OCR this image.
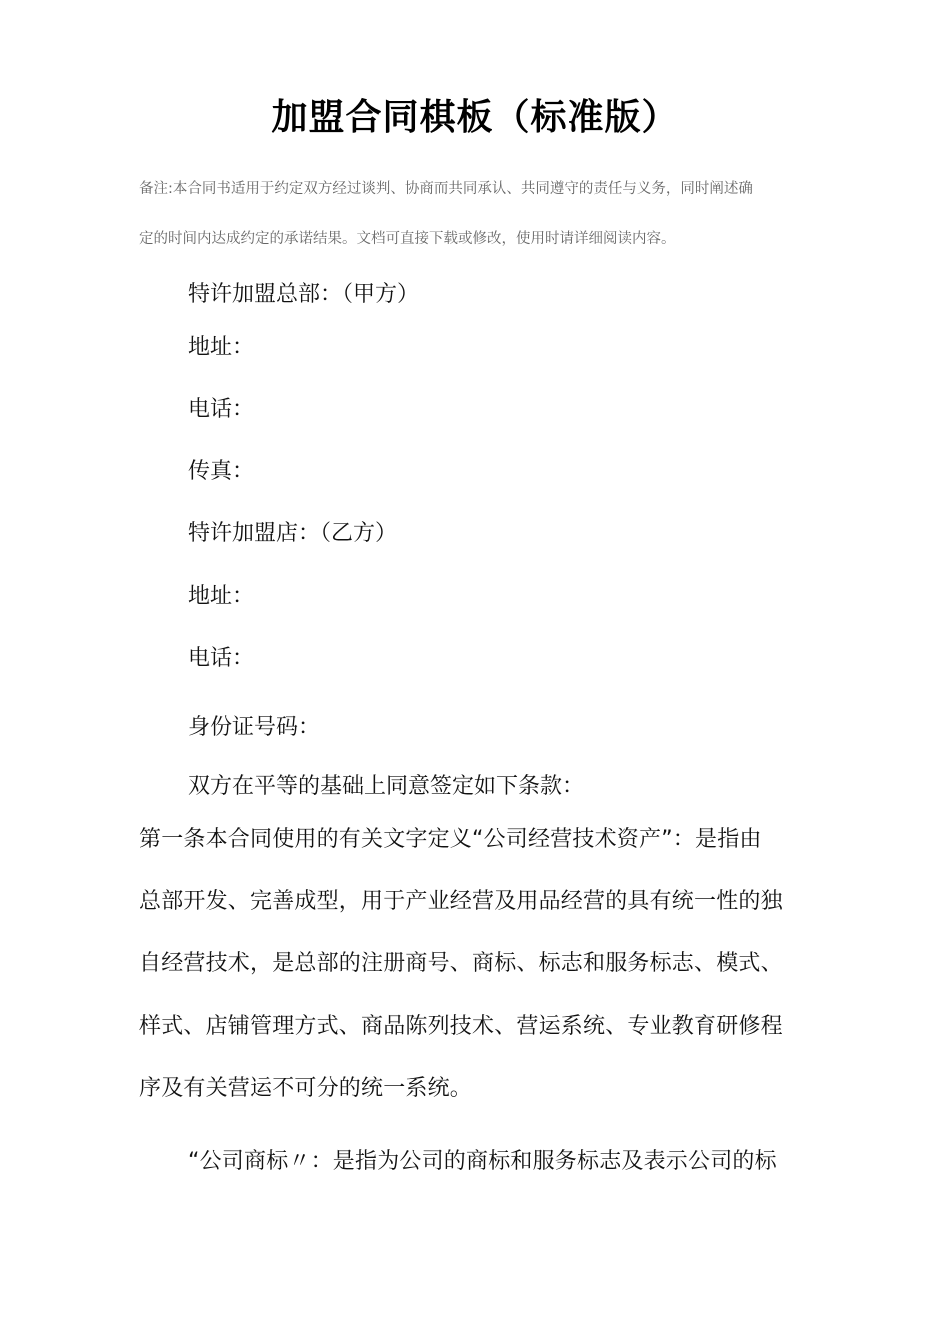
加盟合同棋板（标准版）
备注:本合同书适用于约定双方经过谈判、协商而共同承认、共同遵守的责任与义务，同时阐述确
定的时间内达成约定的承诺结果。文档可直接下载或修改，使用时请详细阅读内容。
特许加盟总部：（甲方）
地址：
电话：
传真：
特许加盟店：（乙方）
地址：
电话：
身份证号码：
双方在平等的基础上同意签定如下条款：
第一条本合同使用的有关文字定义“公司经营技术资产”：是指由
总部开发、完善成型，用于产业经营及用品经营的具有统一性的独
自经营技术，是总部的注册商号、商标、标志和服务标志、模式、
样式、店铺管理方式、商品陈列技术、营运系统、专业教育研修程
序及有关营运不可分的统一系统。
“公司商标〃：是指为公司的商标和服务标志及表示公司的标
